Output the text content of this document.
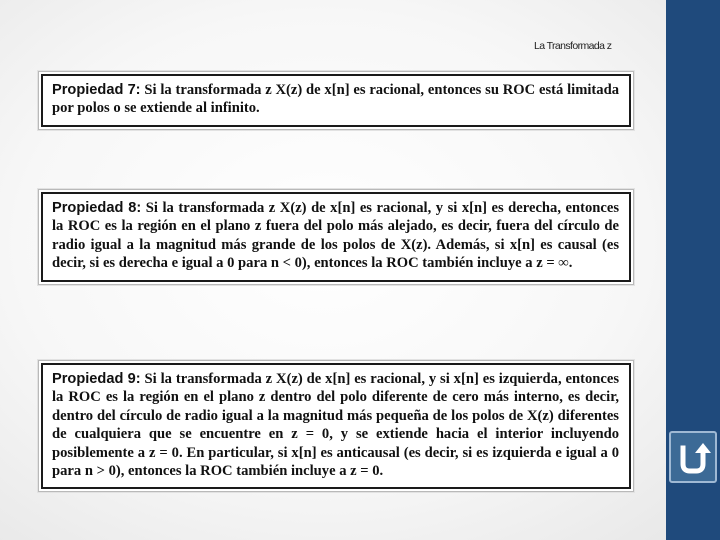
La Transformada z
Propiedad 7: Si la transformada z X(z) de x[n] es racional, entonces su ROC está limitada por polos o se extiende al infinito.
Propiedad 8: Si la transformada z X(z) de x[n] es racional, y si x[n] es derecha, entonces la ROC es la región en el plano z fuera del polo más alejado, es decir, fuera del círculo de radio igual a la magnitud más grande de los polos de X(z). Además, si x[n] es causal (es decir, si es derecha e igual a 0 para n < 0), entonces la ROC también incluye a z = ∞.
Propiedad 9: Si la transformada z X(z) de x[n] es racional, y si x[n] es izquierda, entonces la ROC es la región en el plano z dentro del polo diferente de cero más interno, es decir, dentro del círculo de radio igual a la magnitud más pequeña de los polos de X(z) diferentes de cualquiera que se encuentre en z = 0, y se extiende hacia el interior incluyendo posiblemente a z = 0. En particular, si x[n] es anticausal (es decir, si es izquierda e igual a 0 para n > 0), entonces la ROC también incluye a z = 0.
